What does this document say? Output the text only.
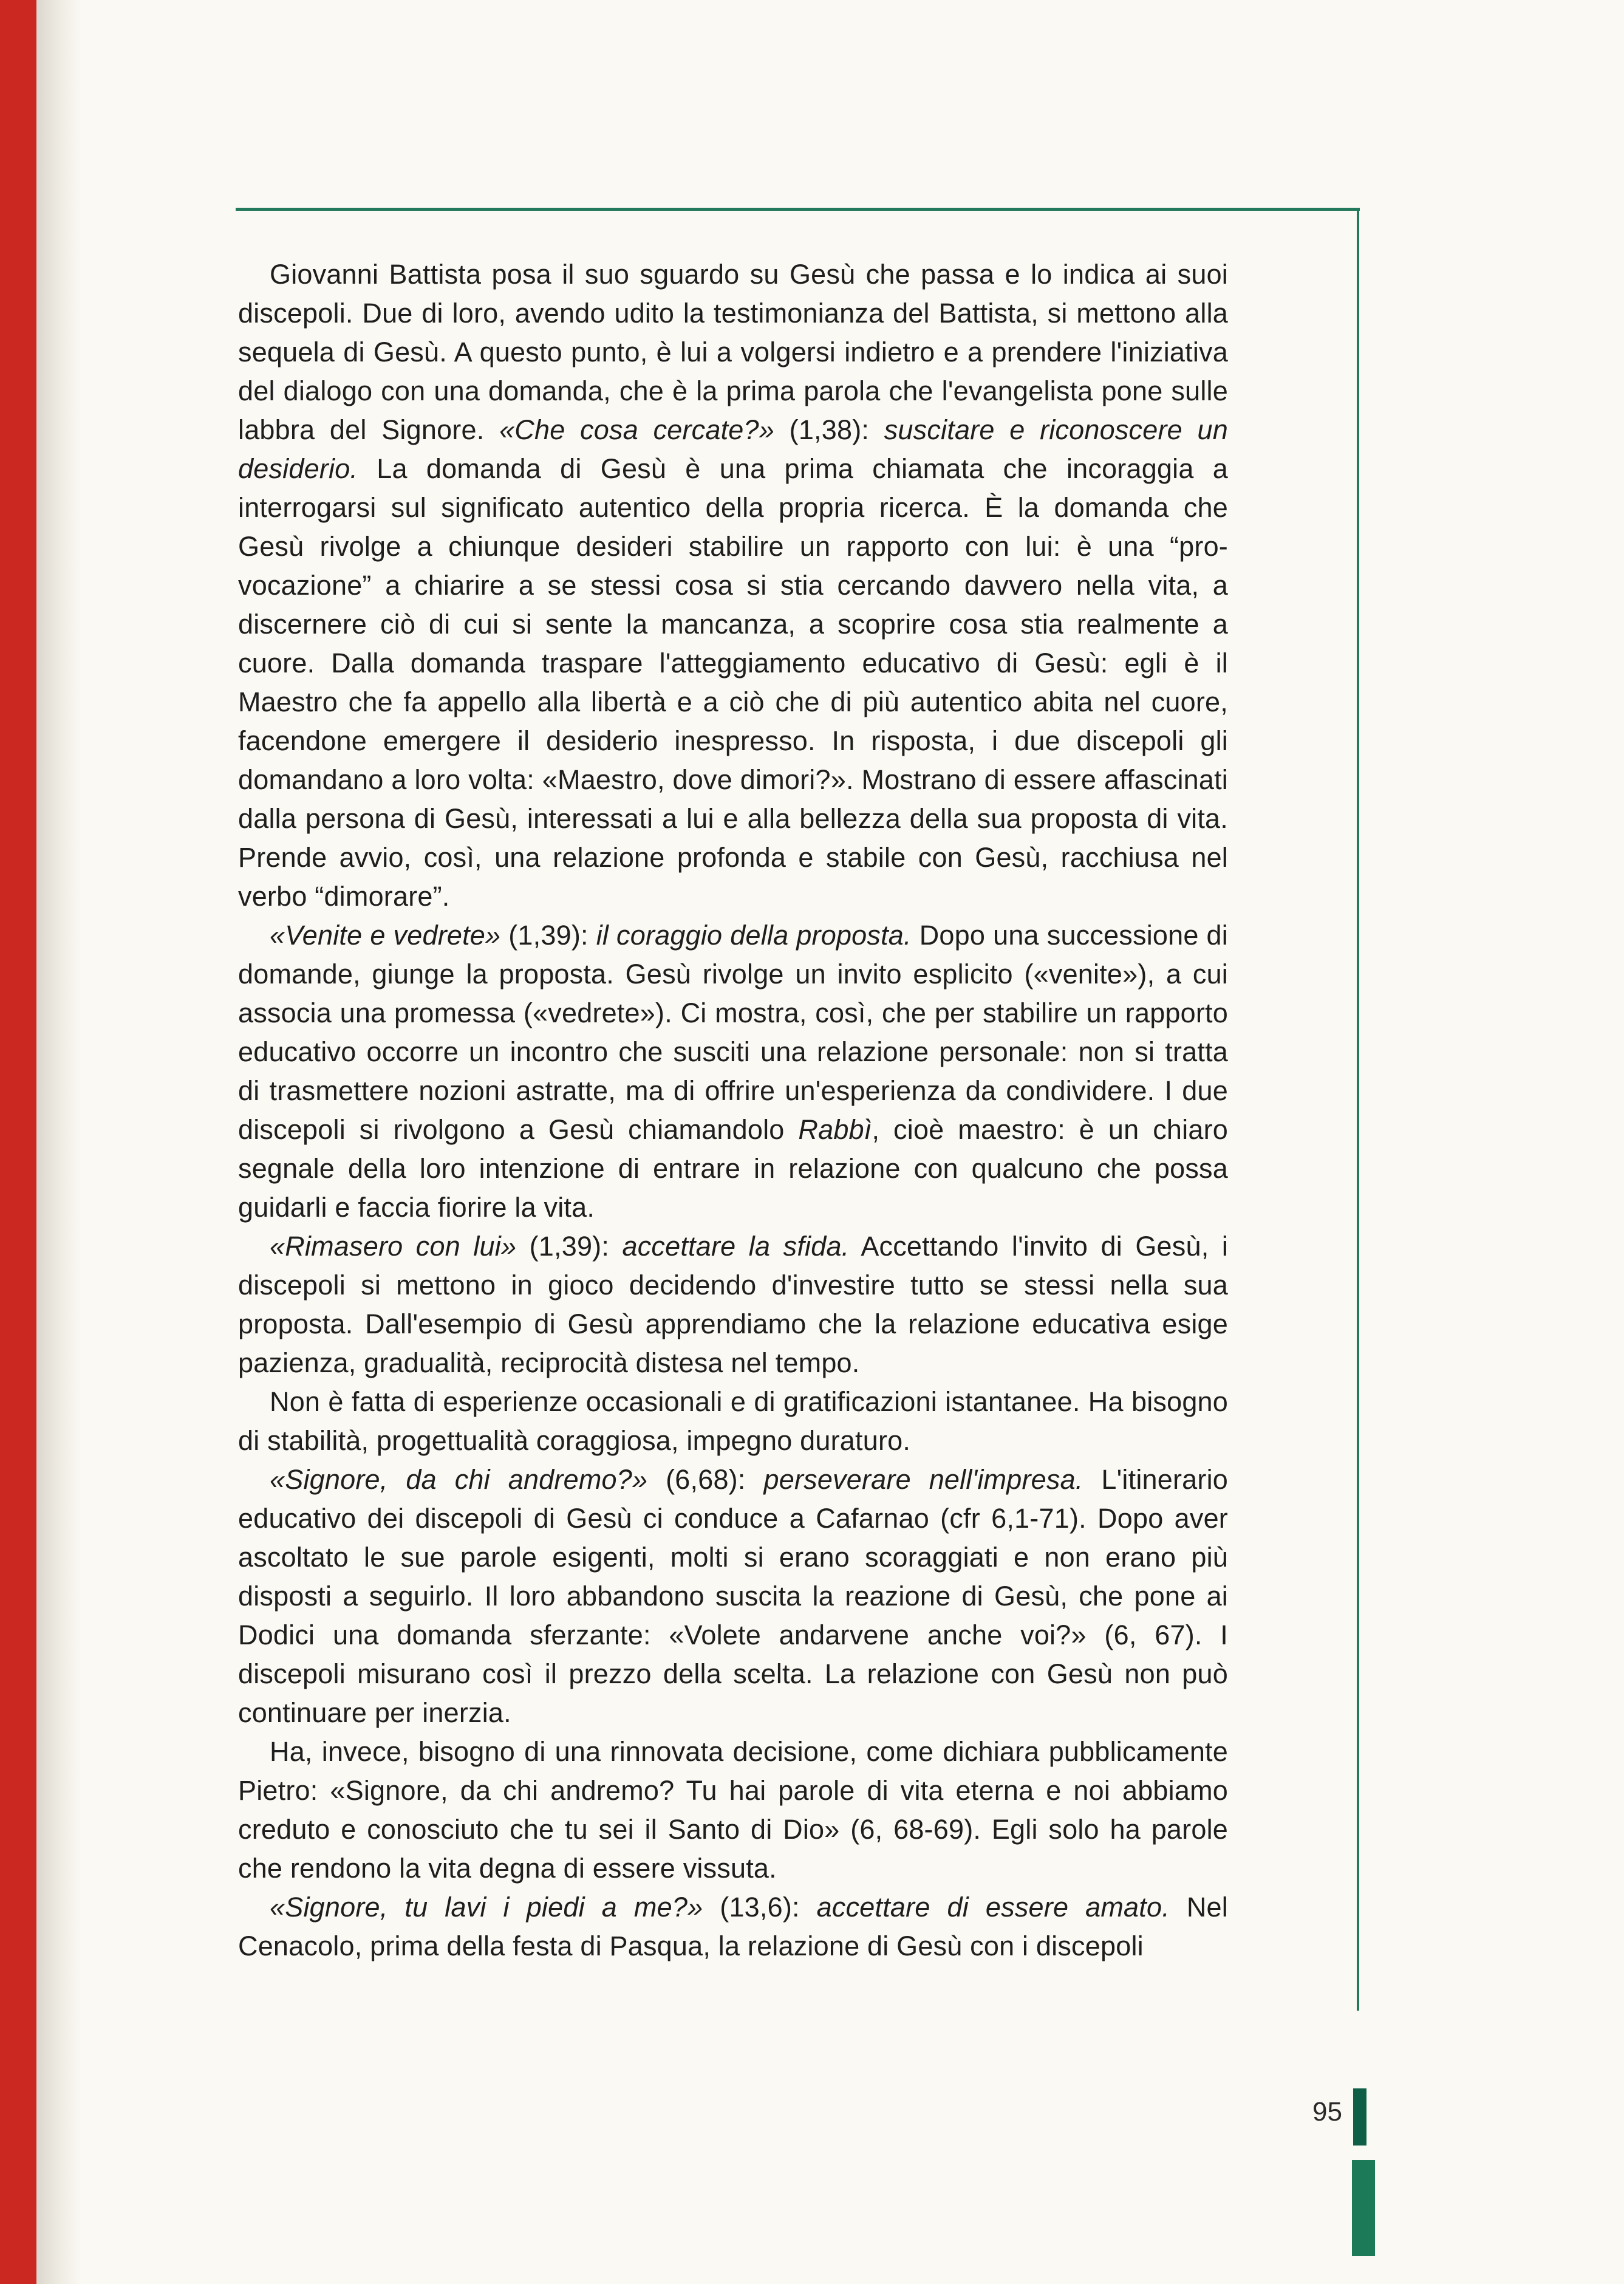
Giovanni Battista posa il suo sguardo su Gesù che passa e lo indica ai suoi discepoli. Due di loro, avendo udito la testimonianza del Battista, si mettono alla sequela di Gesù. A questo punto, è lui a volgersi indietro e a prendere l'iniziativa del dialogo con una domanda, che è la prima parola che l'evangelista pone sulle labbra del Signore. «Che cosa cercate?» (1,38): suscitare e riconoscere un desiderio. La domanda di Gesù è una prima chiamata che incoraggia a interrogarsi sul significato autentico della propria ricerca. È la domanda che Gesù rivolge a chiunque desideri stabilire un rapporto con lui: è una “pro-vocazione” a chiarire a se stessi cosa si stia cercando davvero nella vita, a discernere ciò di cui si sente la mancanza, a scoprire cosa stia realmente a cuore. Dalla domanda traspare l'atteggiamento educativo di Gesù: egli è il Maestro che fa appello alla libertà e a ciò che di più autentico abita nel cuore, facendone emergere il desiderio inespresso. In risposta, i due discepoli gli domandano a loro volta: «Maestro, dove dimori?». Mostrano di essere affascinati dalla persona di Gesù, interessati a lui e alla bellezza della sua proposta di vita. Prende avvio, così, una relazione profonda e stabile con Gesù, racchiusa nel verbo “dimorare”.

«Venite e vedrete» (1,39): il coraggio della proposta. Dopo una successione di domande, giunge la proposta. Gesù rivolge un invito esplicito («venite»), a cui associa una promessa («vedrete»). Ci mostra, così, che per stabilire un rapporto educativo occorre un incontro che susciti una relazione personale: non si tratta di trasmettere nozioni astratte, ma di offrire un'esperienza da condividere. I due discepoli si rivolgono a Gesù chiamandolo Rabbì, cioè maestro: è un chiaro segnale della loro intenzione di entrare in relazione con qualcuno che possa guidarli e faccia fiorire la vita.

«Rimasero con lui» (1,39): accettare la sfida. Accettando l'invito di Gesù, i discepoli si mettono in gioco decidendo d'investire tutto se stessi nella sua proposta. Dall'esempio di Gesù apprendiamo che la relazione educativa esige pazienza, gradualità, reciprocità distesa nel tempo.

Non è fatta di esperienze occasionali e di gratificazioni istantanee. Ha bisogno di stabilità, progettualità coraggiosa, impegno duraturo.

«Signore, da chi andremo?» (6,68): perseverare nell'impresa. L'itinerario educativo dei discepoli di Gesù ci conduce a Cafarnao (cfr 6,1-71). Dopo aver ascoltato le sue parole esigenti, molti si erano scoraggiati e non erano più disposti a seguirlo. Il loro abbandono suscita la reazione di Gesù, che pone ai Dodici una domanda sferzante: «Volete andarvene anche voi?» (6, 67). I discepoli misurano così il prezzo della scelta. La relazione con Gesù non può continuare per inerzia.

Ha, invece, bisogno di una rinnovata decisione, come dichiara pubblicamente Pietro: «Signore, da chi andremo? Tu hai parole di vita eterna e noi abbiamo creduto e conosciuto che tu sei il Santo di Dio» (6, 68-69). Egli solo ha parole che rendono la vita degna di essere vissuta.

«Signore, tu lavi i piedi a me?» (13,6): accettare di essere amato. Nel Cenacolo, prima della festa di Pasqua, la relazione di Gesù con i discepoli

95
